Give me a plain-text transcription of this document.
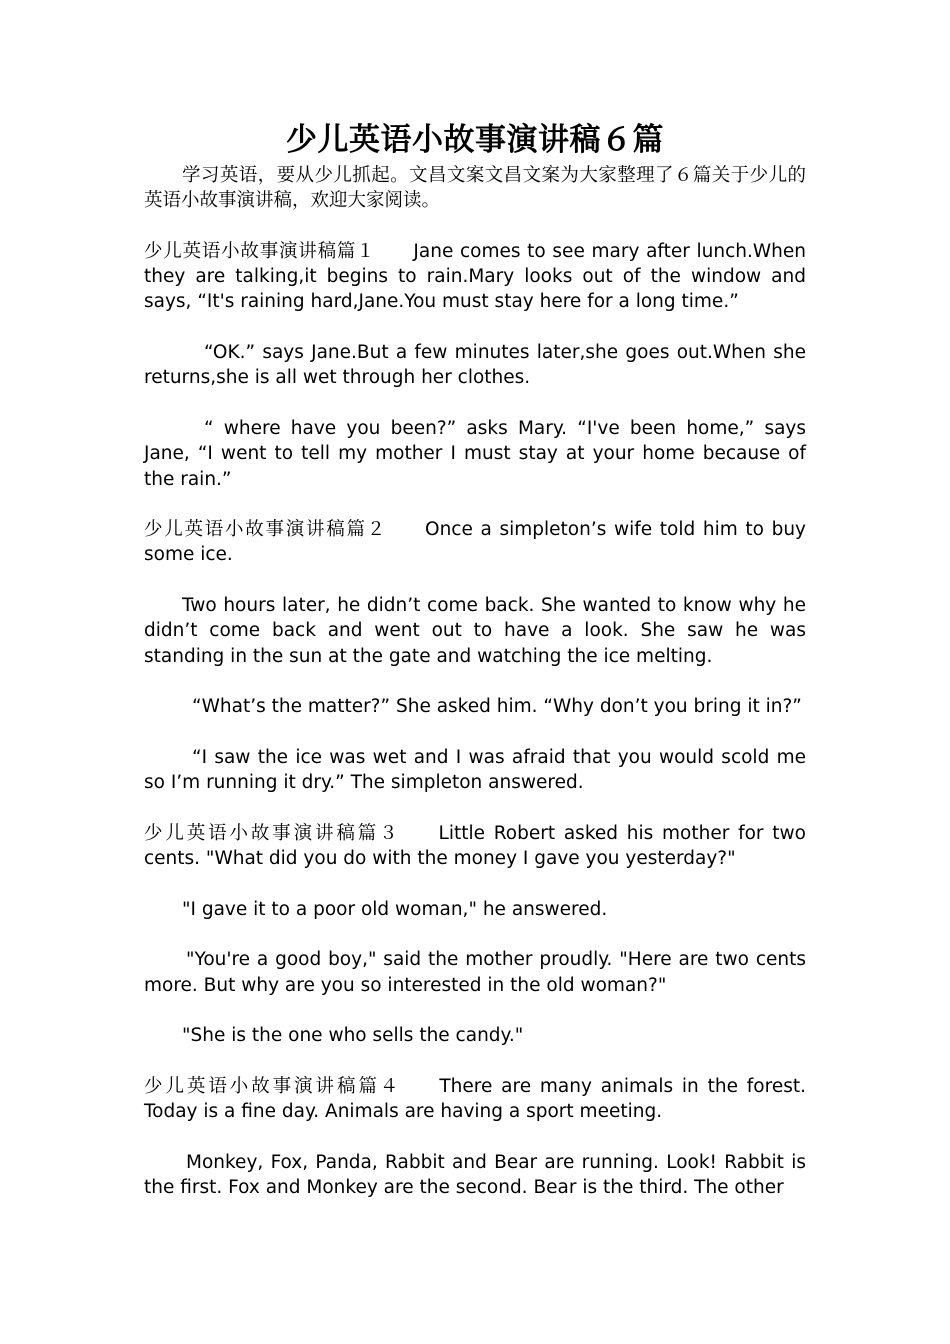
少儿英语小故事演讲稿６篇

学习英语，要从少儿抓起。文昌文案文昌文案为大家整理了６篇关于少儿的英语小故事演讲稿，欢迎大家阅读。

少儿英语小故事演讲稿篇１ Jane comes to see mary after lunch.When they are talking,it begins to rain.Mary looks out of the window and says, “It's raining hard,Jane.You must stay here for a long time.”

“OK.” says Jane.But a few minutes later,she goes out.When she returns,she is all wet through her clothes.

“ where have you been?” asks Mary. “I've been home,” says Jane, “I went to tell my mother I must stay at your home because of the rain.”

少儿英语小故事演讲稿篇２ Once a simpleton’s wife told him to buy some ice.

Two hours later, he didn’t come back. She wanted to know why he didn’t come back and went out to have a look. She saw he was standing in the sun at the gate and watching the ice melting.

“What’s the matter?” She asked him. “Why don’t you bring it in?”

“I saw the ice was wet and I was afraid that you would scold me so I’m running it dry.” The simpleton answered.

少儿英语小故事演讲稿篇３ Little Robert asked his mother for two cents. "What did you do with the money I gave you yesterday?"

"I gave it to a poor old woman," he answered.

"You're a good boy," said the mother proudly. "Here are two cents more. But why are you so interested in the old woman?"

"She is the one who sells the candy."

少儿英语小故事演讲稿篇４ There are many animals in the forest. Today is a fine day. Animals are having a sport meeting.

Monkey, Fox, Panda, Rabbit and Bear are running. Look! Rabbit is the first. Fox and Monkey are the second. Bear is the third. The other
